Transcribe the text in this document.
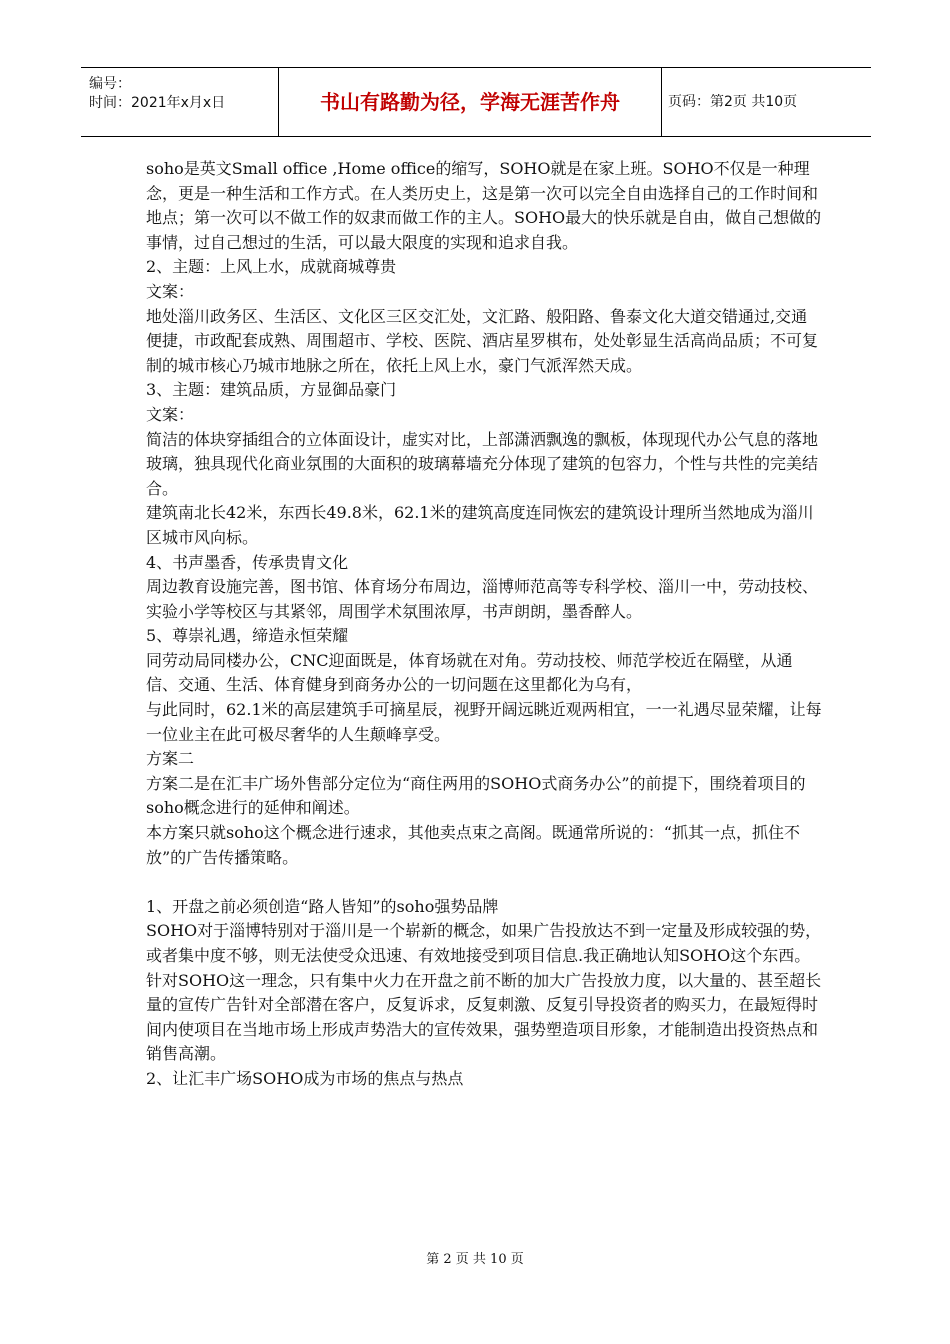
编号：
时间：2021年x月x日	书山有路勤为径，学海无涯苦作舟	页码：第2页 共10页

soho是英文Small office ,Home office的缩写，SOHO就是在家上班。SOHO不仅是一种理念，更是一种生活和工作方式。在人类历史上，这是第一次可以完全自由选择自己的工作时间和地点；第一次可以不做工作的奴隶而做工作的主人。SOHO最大的快乐就是自由，做自己想做的事情，过自己想过的生活，可以最大限度的实现和追求自我。

2、主题：上风上水，成就商城尊贵

文案：

地处淄川政务区、生活区、文化区三区交汇处，文汇路、般阳路、鲁泰文化大道交错通过,交通便捷，市政配套成熟、周围超市、学校、医院、酒店星罗棋布，处处彰显生活高尚品质；不可复制的城市核心乃城市地脉之所在，依托上风上水，豪门气派浑然天成。

3、主题：建筑品质，方显御品豪门

文案：

简洁的体块穿插组合的立体面设计，虚实对比，上部潇洒飘逸的飘板，体现现代办公气息的落地玻璃，独具现代化商业氛围的大面积的玻璃幕墙充分体现了建筑的包容力，个性与共性的完美结合。

建筑南北长42米，东西长49.8米，62.1米的建筑高度连同恢宏的建筑设计理所当然地成为淄川区城市风向标。

4、书声墨香，传承贵胄文化

周边教育设施完善，图书馆、体育场分布周边，淄博师范高等专科学校、淄川一中，劳动技校、实验小学等校区与其紧邻，周围学术氛围浓厚，书声朗朗，墨香醉人。

5、尊崇礼遇，缔造永恒荣耀

同劳动局同楼办公，CNC迎面既是，体育场就在对角。劳动技校、师范学校近在隔壁，从通信、交通、生活、体育健身到商务办公的一切问题在这里都化为乌有，

与此同时，62.1米的高层建筑手可摘星辰，视野开阔远眺近观两相宜，一一礼遇尽显荣耀，让每一位业主在此可极尽奢华的人生颠峰享受。

方案二

方案二是在汇丰广场外售部分定位为“商住两用的SOHO式商务办公”的前提下，围绕着项目的soho概念进行的延伸和阐述。

本方案只就soho这个概念进行速求，其他卖点束之高阁。既通常所说的：“抓其一点，抓住不放”的广告传播策略。

1、开盘之前必须创造“路人皆知”的soho强势品牌

SOHO对于淄博特别对于淄川是一个崭新的概念，如果广告投放达不到一定量及形成较强的势，或者集中度不够，则无法使受众迅速、有效地接受到项目信息.我正确地认知SOHO这个东西。

针对SOHO这一理念，只有集中火力在开盘之前不断的加大广告投放力度，以大量的、甚至超长量的宣传广告针对全部潜在客户，反复诉求，反复刺激、反复引导投资者的购买力，在最短得时间内使项目在当地市场上形成声势浩大的宣传效果，强势塑造项目形象，才能制造出投资热点和销售高潮。

2、让汇丰广场SOHO成为市场的焦点与热点

第 2 页 共 10 页
